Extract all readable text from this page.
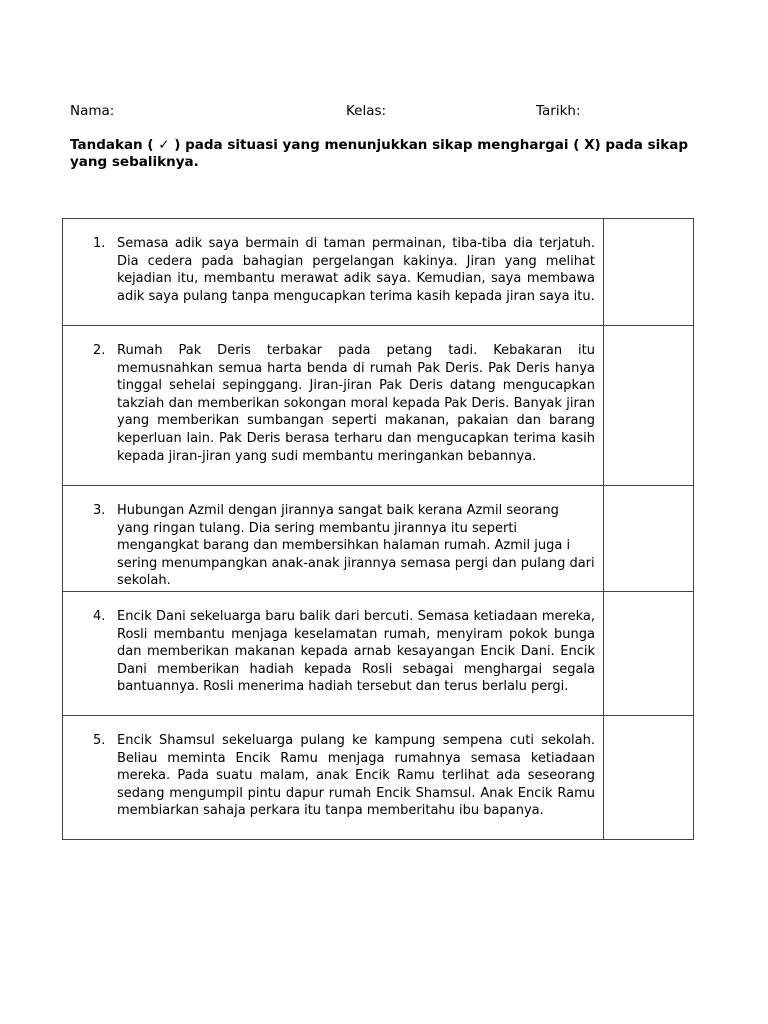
Nama:	Kelas:	Tarikh:
Tandakan ( ✓ ) pada situasi yang menunjukkan sikap menghargai ( X) pada sikap yang sebaliknya.
1. Semasa adik saya bermain di taman permainan, tiba-tiba dia terjatuh. Dia cedera pada bahagian pergelangan kakinya. Jiran yang melihat kejadian itu, membantu merawat adik saya. Kemudian, saya membawa adik saya pulang tanpa mengucapkan terima kasih kepada jiran saya itu.	

2. Rumah Pak Deris terbakar pada petang tadi. Kebakaran itu memusnahkan semua harta benda di rumah Pak Deris. Pak Deris hanya tinggal sehelai sepinggang. Jiran-jiran Pak Deris datang mengucapkan takziah dan memberikan sokongan moral kepada Pak Deris. Banyak jiran yang memberikan sumbangan seperti makanan, pakaian dan barang keperluan lain. Pak Deris berasa terharu dan mengucapkan terima kasih kepada jiran-jiran yang sudi membantu meringankan bebannya.	

3. Hubungan Azmil dengan jirannya sangat baik kerana Azmil seorang yang ringan tulang. Dia sering membantu jirannya itu seperti mengangkat barang dan membersihkan halaman rumah. Azmil juga i sering menumpangkan anak-anak jirannya semasa pergi dan pulang dari sekolah.	

4. Encik Dani sekeluarga baru balik dari bercuti. Semasa ketiadaan mereka, Rosli membantu menjaga keselamatan rumah, menyiram pokok bunga dan memberikan makanan kepada arnab kesayangan Encik Dani. Encik Dani memberikan hadiah kepada Rosli sebagai menghargai segala bantuannya. Rosli menerima hadiah tersebut dan terus berlalu pergi.	

5. Encik Shamsul sekeluarga pulang ke kampung sempena cuti sekolah. Beliau meminta Encik Ramu menjaga rumahnya semasa ketiadaan mereka. Pada suatu malam, anak Encik Ramu terlihat ada seseorang sedang mengumpil pintu dapur rumah Encik Shamsul. Anak Encik Ramu membiarkan sahaja perkara itu tanpa memberitahu ibu bapanya.	
